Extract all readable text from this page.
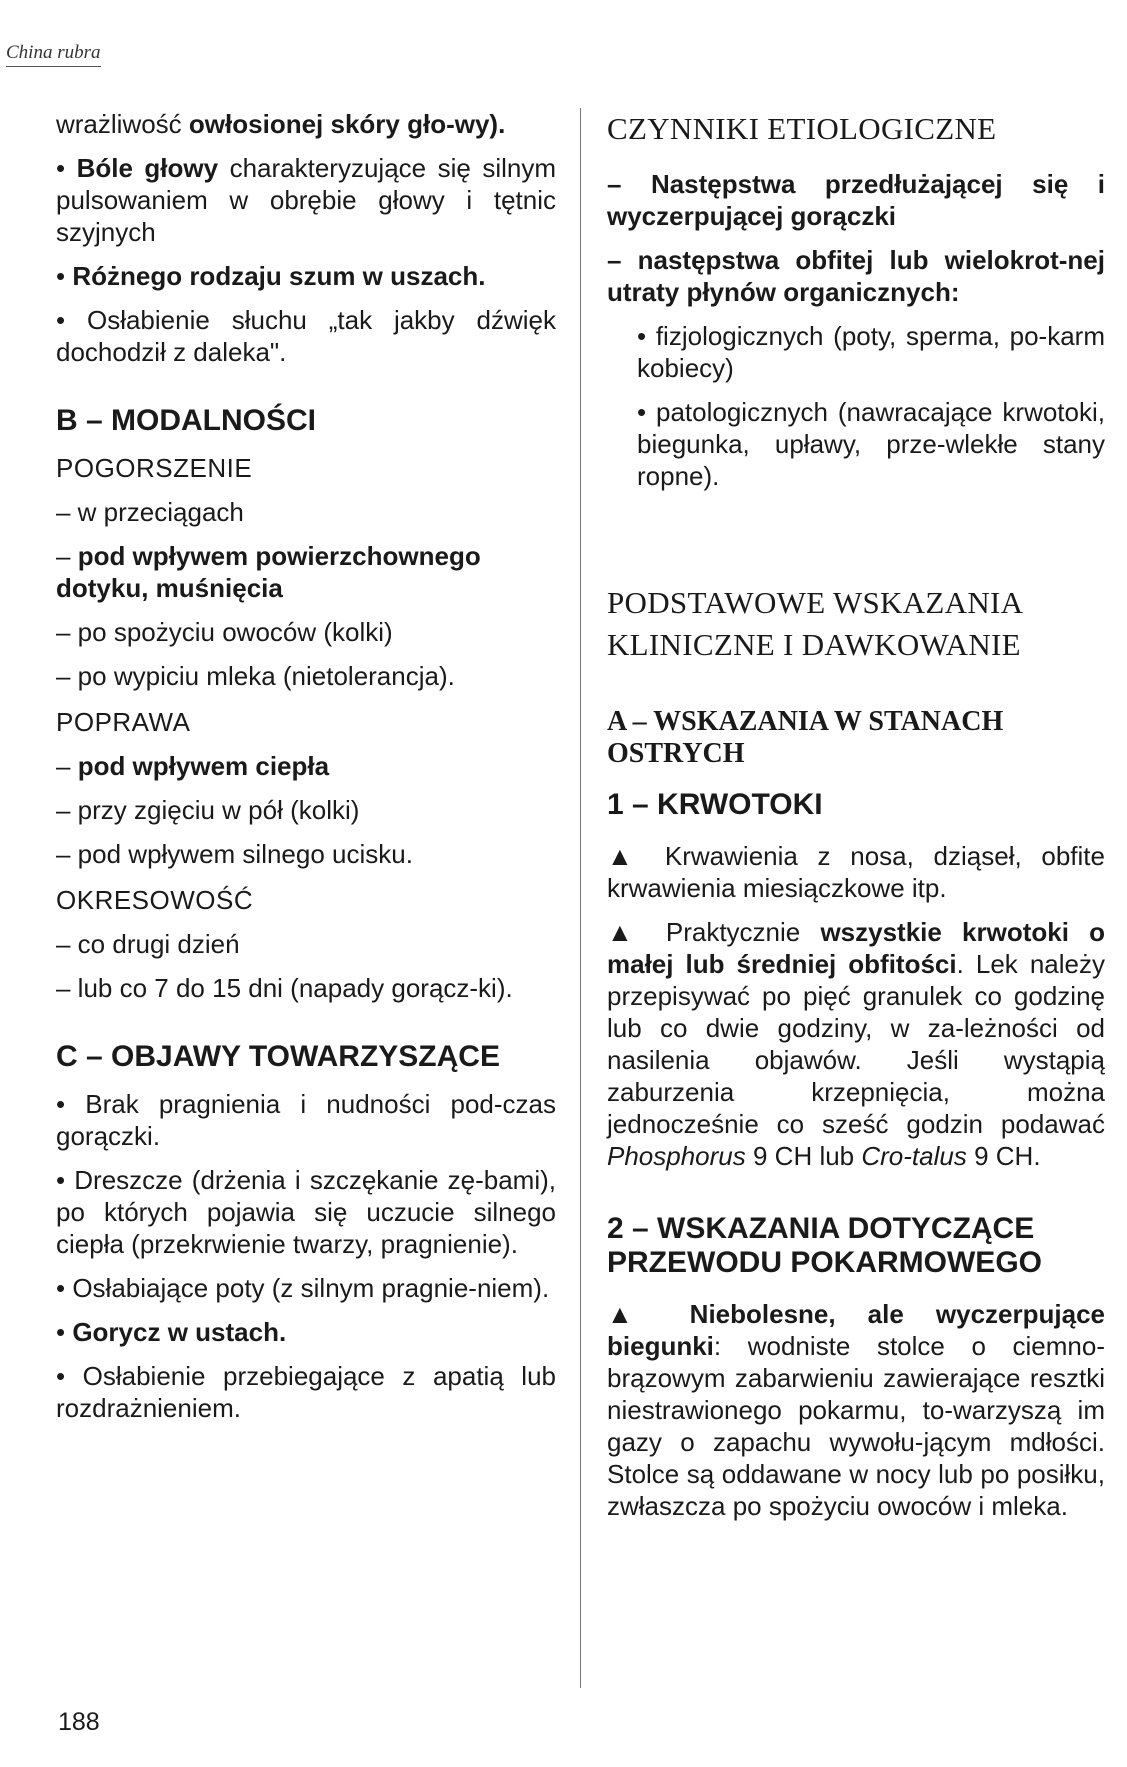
China rubra

wrażliwość owłosionej skóry gło-wy).

• Bóle głowy charakteryzujące się silnym pulsowaniem w obrębie głowy i tętnic szyjnych

• Różnego rodzaju szum w uszach.

• Osłabienie słuchu „tak jakby dźwięk dochodził z daleka".

B – MODALNOŚCI
POGORSZENIE

– w przeciągach

– pod wpływem powierzchownego dotyku, muśnięcia

– po spożyciu owoców (kolki)

– po wypiciu mleka (nietolerancja).

POPRAWA

– pod wpływem ciepła

– przy zgięciu w pół (kolki)

– pod wpływem silnego ucisku.

OKRESOWOŚĆ

– co drugi dzień

– lub co 7 do 15 dni (napady gorącz-ki).

C – OBJAWY TOWARZYSZĄCE

• Brak pragnienia i nudności pod-czas gorączki.

• Dreszcze (drżenia i szczękanie zę-bami), po których pojawia się uczucie silnego ciepła (przekrwienie twarzy, pragnienie).

• Osłabiające poty (z silnym pragnie-niem).

• Gorycz w ustach.

• Osłabienie przebiegające z apatią lub rozdrażnieniem.

CZYNNIKI ETIOLOGICZNE

– Następstwa przedłużającej się i wyczerpującej gorączki

– następstwa obfitej lub wielokrot-nej utraty płynów organicznych:

• fizjologicznych (poty, sperma, po-karm kobiecy)

• patologicznych (nawracające krwotoki, biegunka, upławy, prze-wlekłe stany ropne).

PODSTAWOWE WSKAZANIA KLINICZNE I DAWKOWANIE
A – WSKAZANIA W STANACH OSTRYCH
1 – KRWOTOKI

▲ Krwawienia z nosa, dziąseł, obfite krwawienia miesiączkowe itp.

▲ Praktycznie wszystkie krwotoki o małej lub średniej obfitości. Lek należy przepisywać po pięć granulek co godzinę lub co dwie godziny, w za-leżności od nasilenia objawów. Jeśli wystąpią zaburzenia krzepnięcia, można jednocześnie co sześć godzin podawać Phosphorus 9 CH lub Cro-talus 9 CH.

2 – WSKAZANIA DOTYCZĄCE PRZEWODU POKARMOWEGO

▲ Niebolesne, ale wyczerpujące biegunki: wodniste stolce o ciemno-brązowym zabarwieniu zawierające resztki niestrawionego pokarmu, to-warzyszą im gazy o zapachu wywołu-jącym mdłości. Stolce są oddawane w nocy lub po posiłku, zwłaszcza po spożyciu owoców i mleka.

188
